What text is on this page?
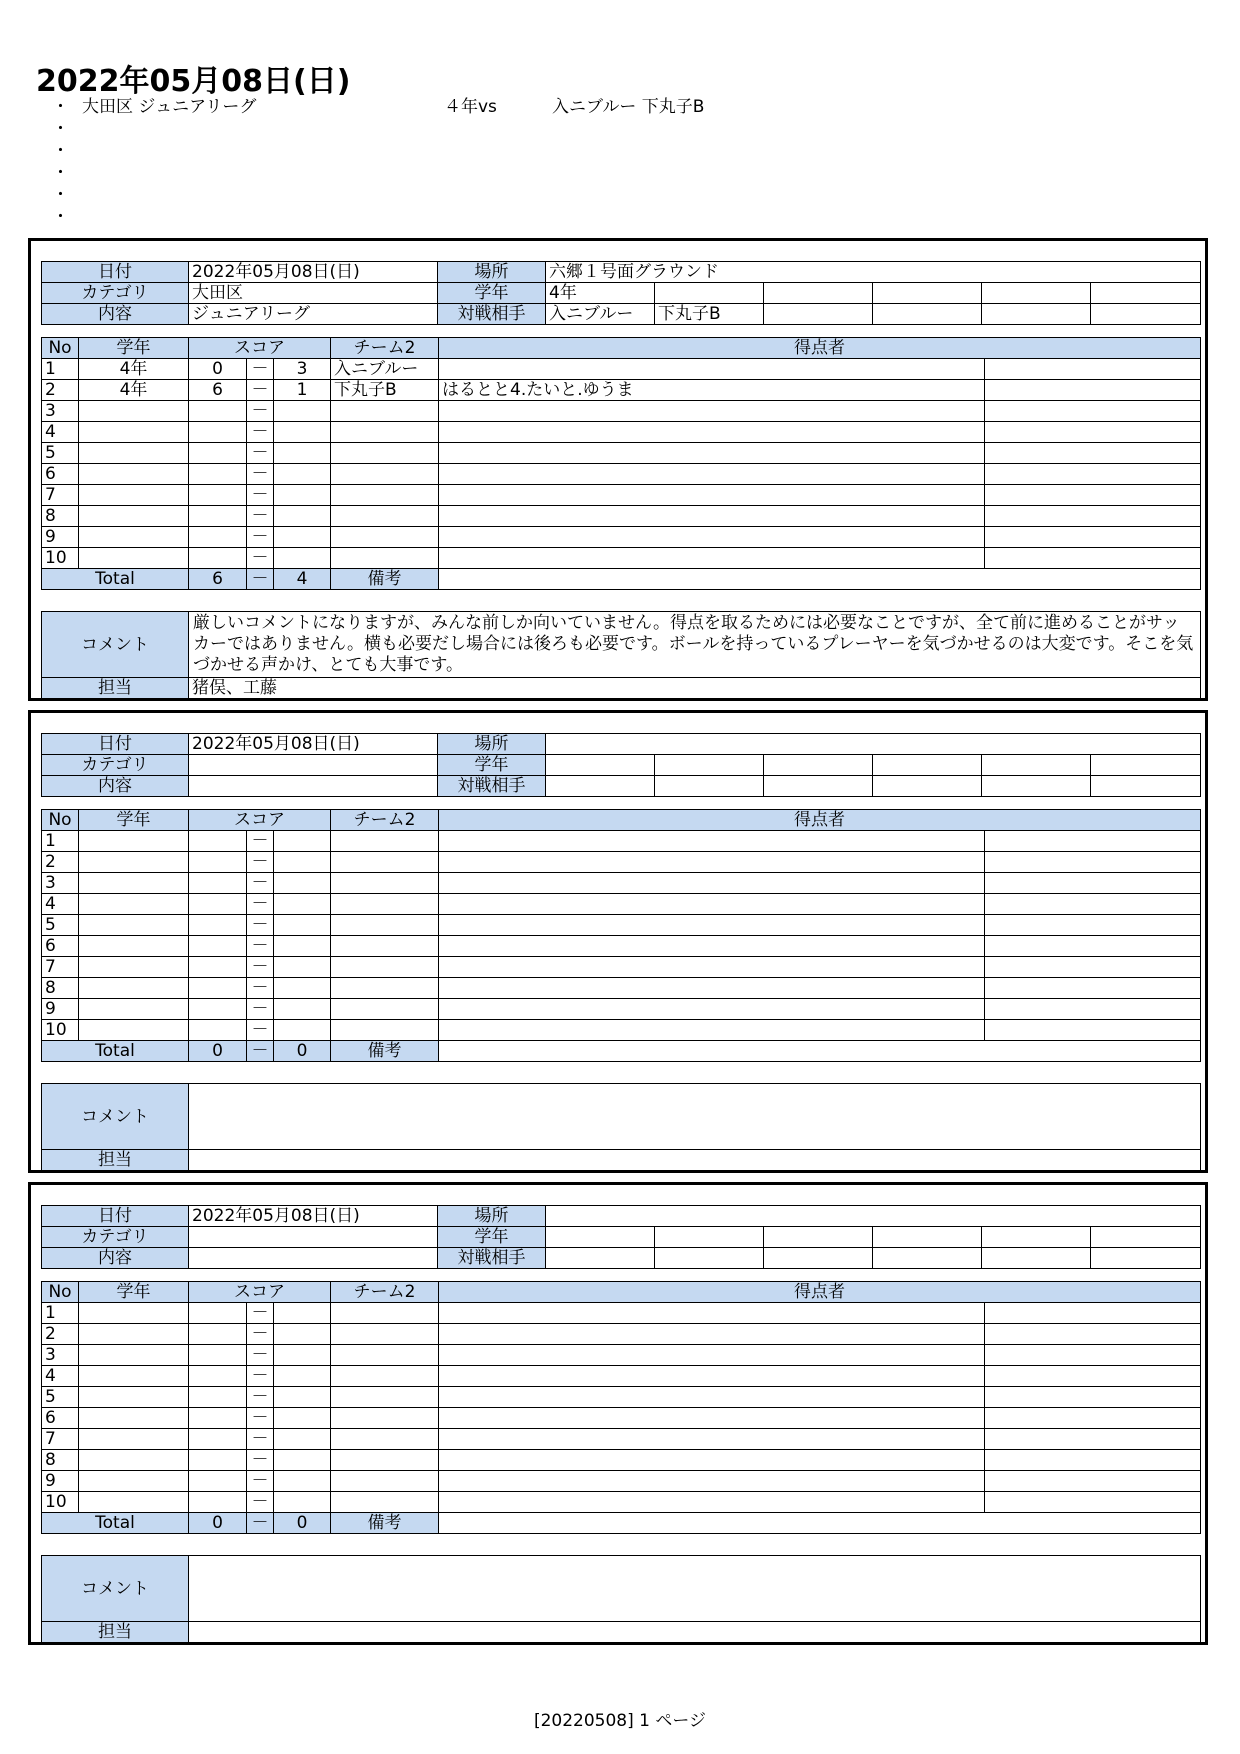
2022年05月08日(日)
・ 大田区 ジュニアリーグ	４年vs	入ニブルー 下丸子B
・
・
・
・
・
日付	2022年05月08日(日)	場所	六郷１号面グラウンド
カテゴリ	大田区	学年	4年					
内容	ジュニアリーグ	対戦相手	入ニブルー	下丸子B				
No	学年	スコア	チーム2	得点者
1	4年	0	－	3	入ニブルー		
2	4年	6	－	1	下丸子B	はるとと4.たいと.ゆうま	
3			－				
4			－				
5			－				
6			－				
7			－				
8			－				
9			－				
10			－				
Total	6	－	4	備考	
コメント	厳しいコメントになりますが、みんな前しか向いていません。得点を取るためには必要なことですが、全て前に進めることがサッカーではありません。横も必要だし場合には後ろも必要です。ボールを持っているプレーヤーを気づかせるのは大変です。そこを気づかせる声かけ、とても大事です。
担当	猪俣、工藤
日付	2022年05月08日(日)	場所	
カテゴリ		学年						
内容		対戦相手						
No	学年	スコア	チーム2	得点者
1			－				
2			－				
3			－				
4			－				
5			－				
6			－				
7			－				
8			－				
9			－				
10			－				
Total	0	－	0	備考	
コメント	
担当	
日付	2022年05月08日(日)	場所	
カテゴリ		学年						
内容		対戦相手						
No	学年	スコア	チーム2	得点者
1			－				
2			－				
3			－				
4			－				
5			－				
6			－				
7			－				
8			－				
9			－				
10			－				
Total	0	－	0	備考	
コメント	
担当	
[20220508] 1 ページ
